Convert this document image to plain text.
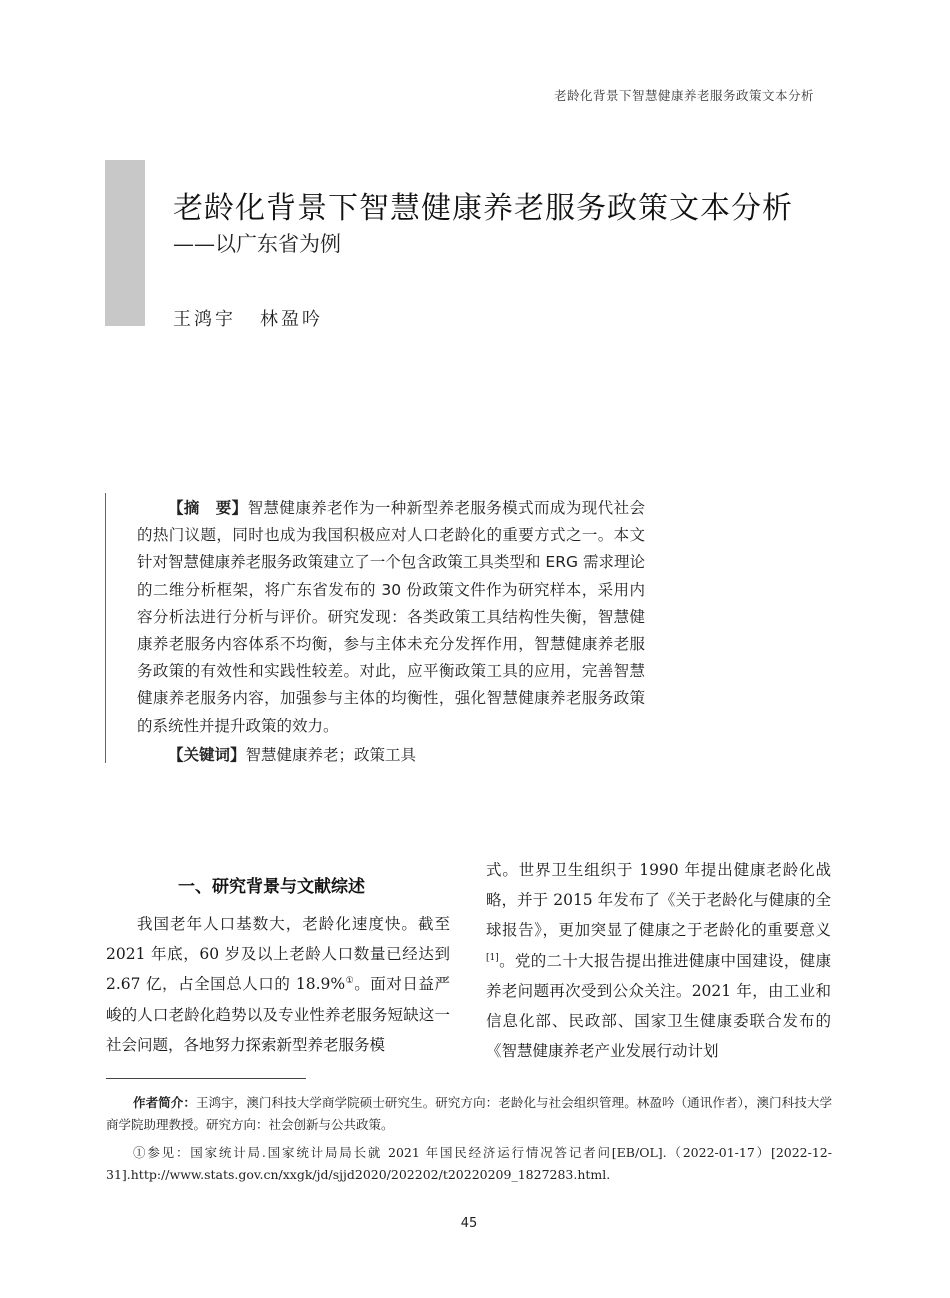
老龄化背景下智慧健康养老服务政策文本分析
老龄化背景下智慧健康养老服务政策文本分析
——以广东省为例
王鸿宇 林盈吟
【摘　要】智慧健康养老作为一种新型养老服务模式而成为现代社会的热门议题，同时也成为我国积极应对人口老龄化的重要方式之一。本文针对智慧健康养老服务政策建立了一个包含政策工具类型和 ERG 需求理论的二维分析框架，将广东省发布的 30 份政策文件作为研究样本，采用内容分析法进行分析与评价。研究发现：各类政策工具结构性失衡，智慧健康养老服务内容体系不均衡，参与主体未充分发挥作用，智慧健康养老服务政策的有效性和实践性较差。对此，应平衡政策工具的应用，完善智慧健康养老服务内容，加强参与主体的均衡性，强化智慧健康养老服务政策的系统性并提升政策的效力。
【关键词】智慧健康养老；政策工具
一、研究背景与文献综述
我国老年人口基数大，老龄化速度快。截至 2021 年底，60 岁及以上老龄人口数量已经达到 2.67 亿，占全国总人口的 18.9%①。面对日益严峻的人口老龄化趋势以及专业性养老服务短缺这一社会问题，各地努力探索新型养老服务模
式。世界卫生组织于 1990 年提出健康老龄化战略，并于 2015 年发布了《关于老龄化与健康的全球报告》，更加突显了健康之于老龄化的重要意义[1]。党的二十大报告提出推进健康中国建设，健康养老问题再次受到公众关注。2021 年，由工业和信息化部、民政部、国家卫生健康委联合发布的《智慧健康养老产业发展行动计划
作者简介：王鸿宇，澳门科技大学商学院硕士研究生。研究方向：老龄化与社会组织管理。林盈吟（通讯作者），澳门科技大学商学院助理教授。研究方向：社会创新与公共政策。
①参见：国家统计局.国家统计局局长就 2021 年国民经济运行情况答记者问[EB/OL].（2022-01-17）[2022-12-31].http://www.stats.gov.cn/xxgk/jd/sjjd2020/202202/t20220209_1827283.html.
45
